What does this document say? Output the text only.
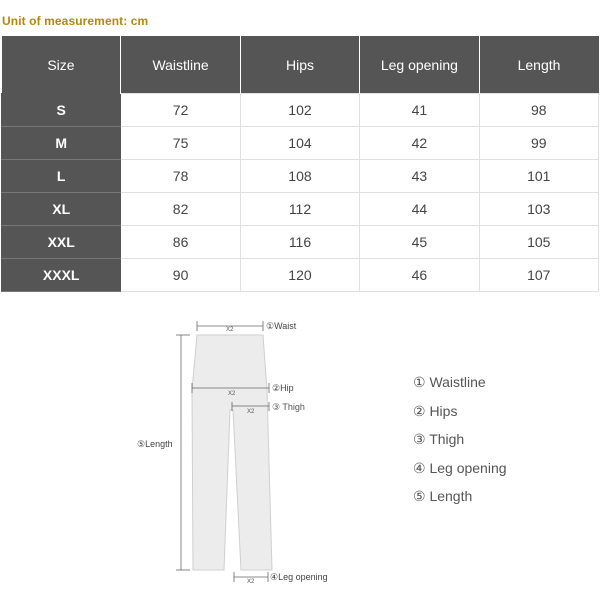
Unit of measurement: cm
Size	Waistline	Hips	Leg opening	Length
S	72	102	41	98
M	75	104	42	99
L	78	108	43	101
XL	82	112	44	103
XXL	86	116	45	105
XXXL	90	120	46	107
X2	①Waist
X2
②Hip
X2 ③ Thigh
⑤Length
X2 ④Leg opening
① Waistline
② Hips
③ Thigh
④ Leg opening
⑤ Length
